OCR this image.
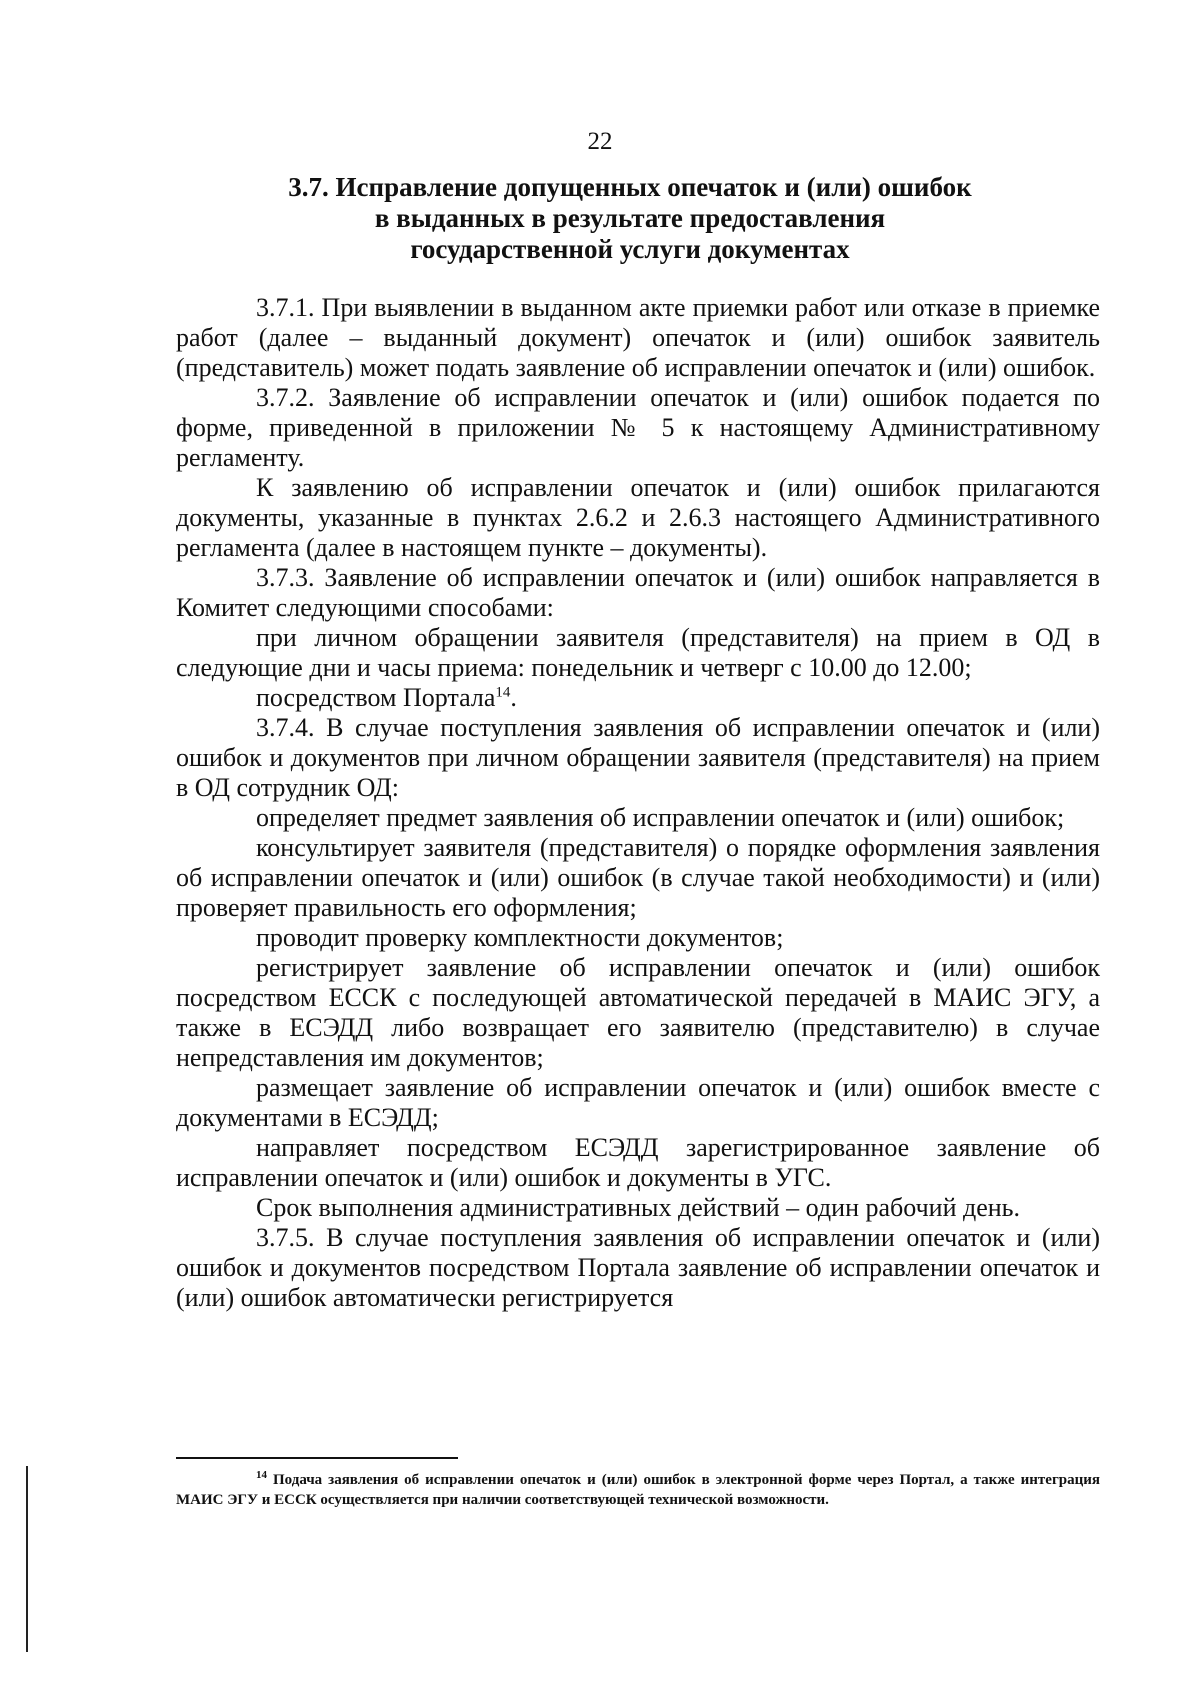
22
3.7. Исправление допущенных опечаток и (или) ошибок
в выданных в результате предоставления
государственной услуги документах

3.7.1. При выявлении в выданном акте приемки работ или отказе в приемке работ (далее – выданный документ) опечаток и (или) ошибок заявитель (представитель) может подать заявление об исправлении опечаток и (или) ошибок.

3.7.2. Заявление об исправлении опечаток и (или) ошибок подается по форме, приведенной в приложении № 5 к настоящему Административному регламенту.

К заявлению об исправлении опечаток и (или) ошибок прилагаются документы, указанные в пунктах 2.6.2 и 2.6.3 настоящего Административного регламента (далее в настоящем пункте – документы).

3.7.3. Заявление об исправлении опечаток и (или) ошибок направляется в Комитет следующими способами:

при личном обращении заявителя (представителя) на прием в ОД в следующие дни и часы приема: понедельник и четверг с 10.00 до 12.00;

посредством Портала$^{14}$.

3.7.4. В случае поступления заявления об исправлении опечаток и (или) ошибок и документов при личном обращении заявителя (представителя) на прием в ОД сотрудник ОД:

определяет предмет заявления об исправлении опечаток и (или) ошибок;

консультирует заявителя (представителя) о порядке оформления заявления об исправлении опечаток и (или) ошибок (в случае такой необходимости) и (или) проверяет правильность его оформления;

проводит проверку комплектности документов;

регистрирует заявление об исправлении опечаток и (или) ошибок посредством ЕССК с последующей автоматической передачей в МАИС ЭГУ, а также в ЕСЭДД либо возвращает его заявителю (представителю) в случае непредставления им документов;

размещает заявление об исправлении опечаток и (или) ошибок вместе с документами в ЕСЭДД;

направляет посредством ЕСЭДД зарегистрированное заявление об исправлении опечаток и (или) ошибок и документы в УГС.

Срок выполнения административных действий – один рабочий день.

3.7.5. В случае поступления заявления об исправлении опечаток и (или) ошибок и документов посредством Портала заявление об исправлении опечаток и (или) ошибок автоматически регистрируется

$^{14}$ Подача заявления об исправлении опечаток и (или) ошибок в электронной форме через Портал, а также интеграция МАИС ЭГУ и ЕССК осуществляется при наличии соответствующей технической возможности.
